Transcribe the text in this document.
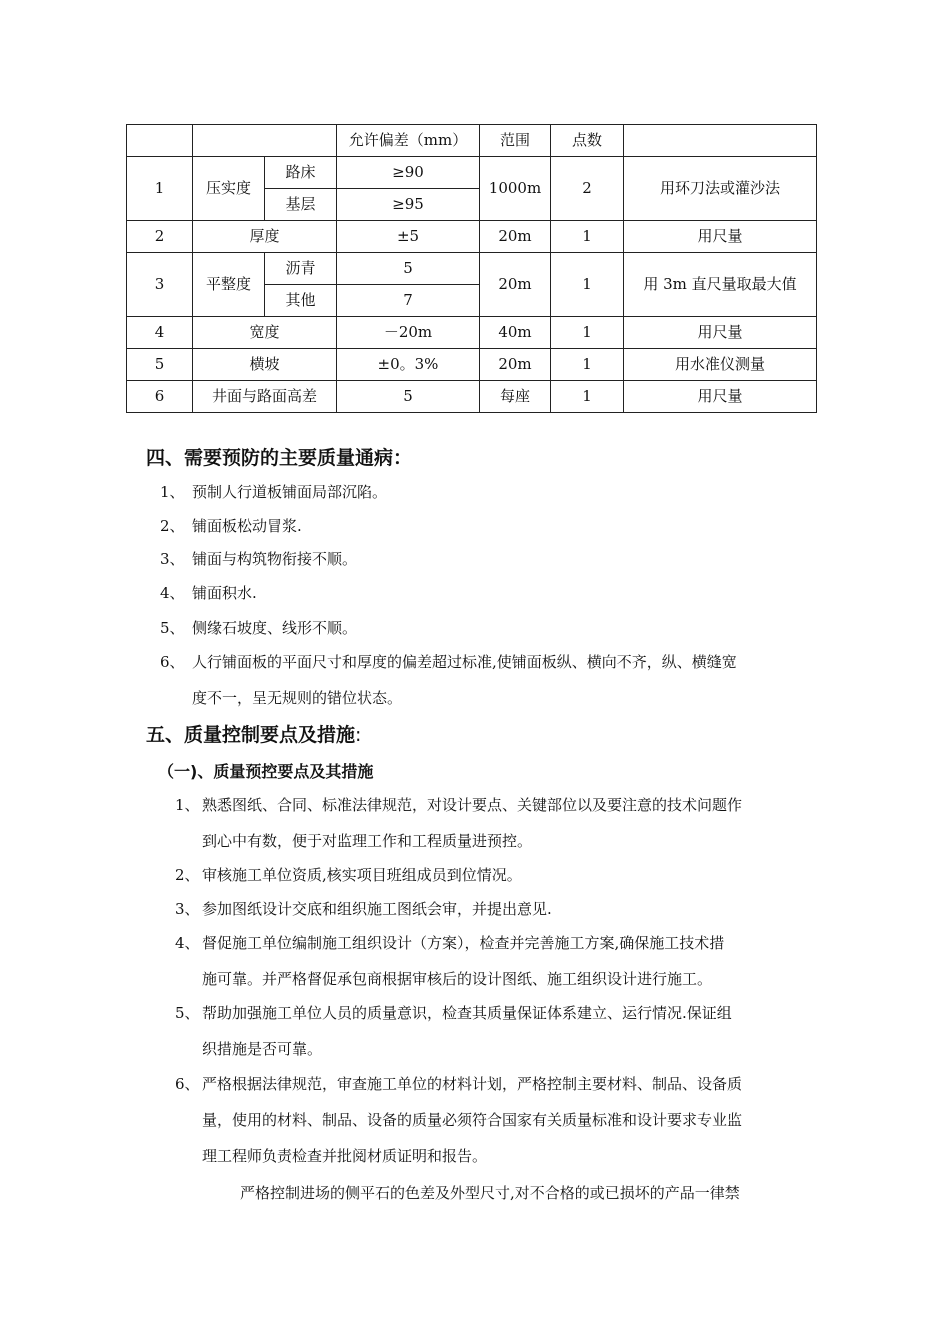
			允许偏差（mm）	范围	点数	
1	压实度	路床	≥90	1000m	2	用环刀法或灌沙法
		基层	≥95			
2	厚度		±5	20m	1	用尺量
3	平整度	沥青	5	20m	1	用 3m 直尺量取最大值
		其他	7			
4	宽度		－20m	40m	1	用尺量
5	横坡		±0。3%	20m	1	用水准仪测量
6	井面与路面高差		5	每座	1	用尺量
四、需要预防的主要质量通病：
1、 预制人行道板铺面局部沉陷。
2、 铺面板松动冒浆.
3、 铺面与构筑物衔接不顺。
4、 铺面积水.
5、 侧缘石坡度、线形不顺。
6、 人行铺面板的平面尺寸和厚度的偏差超过标准,使铺面板纵、横向不齐，纵、横缝宽
度不一，呈无规则的错位状态。
五、质量控制要点及措施:
（一)、质量预控要点及其措施
1、 熟悉图纸、合同、标准法律规范，对设计要点、关键部位以及要注意的技术问题作
到心中有数，便于对监理工作和工程质量进预控。
2、 审核施工单位资质,核实项目班组成员到位情况。
3、 参加图纸设计交底和组织施工图纸会审，并提出意见.
4、 督促施工单位编制施工组织设计（方案），检查并完善施工方案,确保施工技术措
施可靠。并严格督促承包商根据审核后的设计图纸、施工组织设计进行施工。
5、 帮助加强施工单位人员的质量意识，检查其质量保证体系建立、运行情况.保证组
织措施是否可靠。
6、 严格根据法律规范，审查施工单位的材料计划，严格控制主要材料、制品、设备质
量，使用的材料、制品、设备的质量必须符合国家有关质量标准和设计要求专业监
理工程师负责检查并批阅材质证明和报告。
严格控制进场的侧平石的色差及外型尺寸,对不合格的或已损坏的产品一律禁
